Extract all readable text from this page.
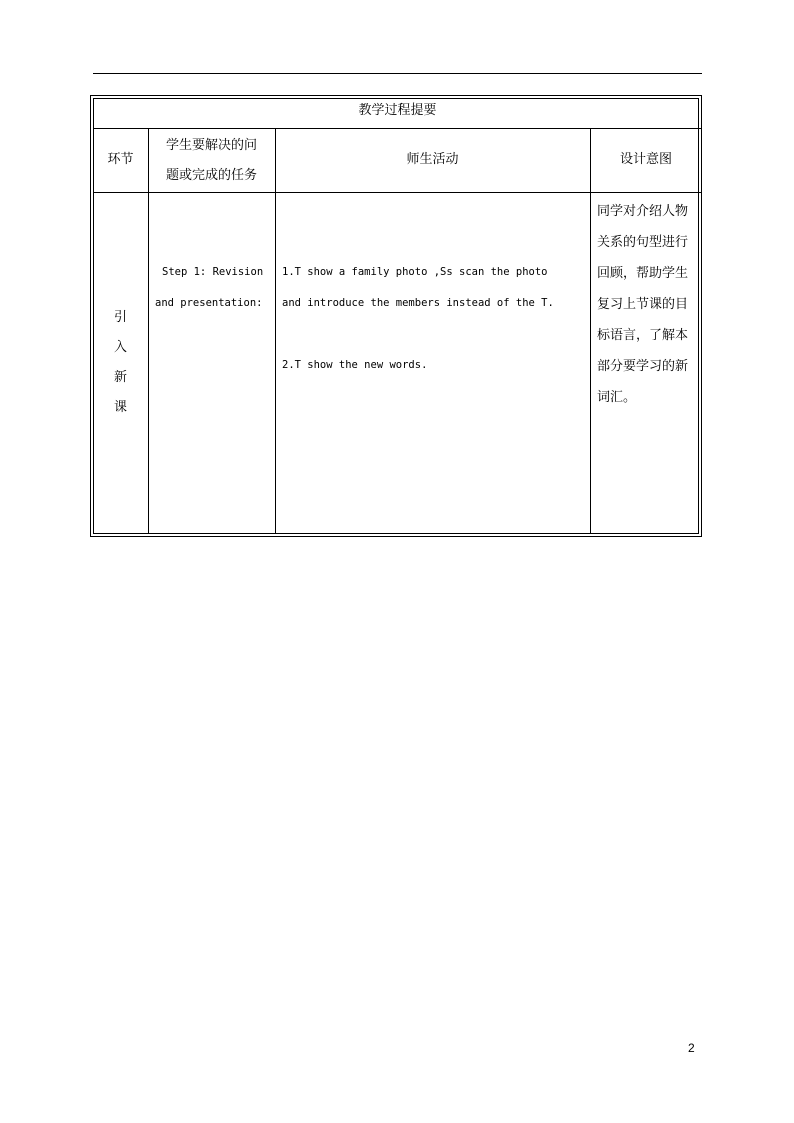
教学过程提要
环节
学生要解决的问
题或完成的任务
师生活动	设计意图
引
入
新
课
Step 1: Revision
and presentation:
1.T show a family photo ,Ss scan the photo
and introduce the members instead of the T.
2.T show the new words.
同学对介绍人物
关系的句型进行
回顾，帮助学生
复习上节课的目
标语言，了解本
部分要学习的新
词汇。
2
